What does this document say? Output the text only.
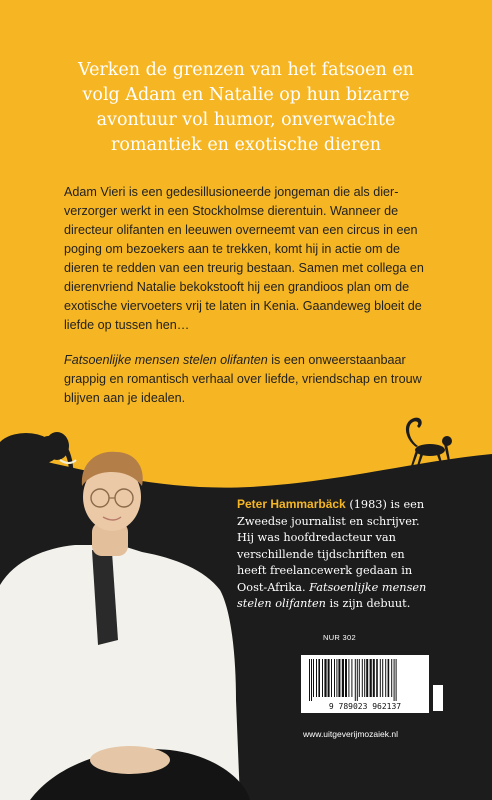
Verken de grenzen van het fatsoen en
volg Adam en Natalie op hun bizarre
avontuur vol humor, onverwachte
romantiek en exotische dieren

Adam Vieri is een gedesillusioneerde jongeman die als dierverzorger werkt in een Stockholmse dierentuin. Wanneer de directeur olifanten en leeuwen overneemt van een circus in een poging om bezoekers aan te trekken, komt hij in actie om de dieren te redden van een treurig bestaan. Samen met collega en dierenvriend Natalie bekokstooft hij een grandioos plan om de exotische viervoeters vrij te laten in Kenia. Gaandeweg bloeit de liefde op tussen hen…

Fatsoenlijke mensen stelen olifanten is een onweerstaanbaar grappig en romantisch verhaal over liefde, vriendschap en trouw blijven aan je idealen.

Peter Hammarbäck (1983) is een Zweedse journalist en schrijver. Hij was hoofdredacteur van verschillende tijdschriften en heeft freelancewerk gedaan in Oost-Afrika. Fatsoenlijke mensen stelen olifanten is zijn debuut.

NUR 302
9 789023 962137
www.uitgeverijmozaiek.nl
